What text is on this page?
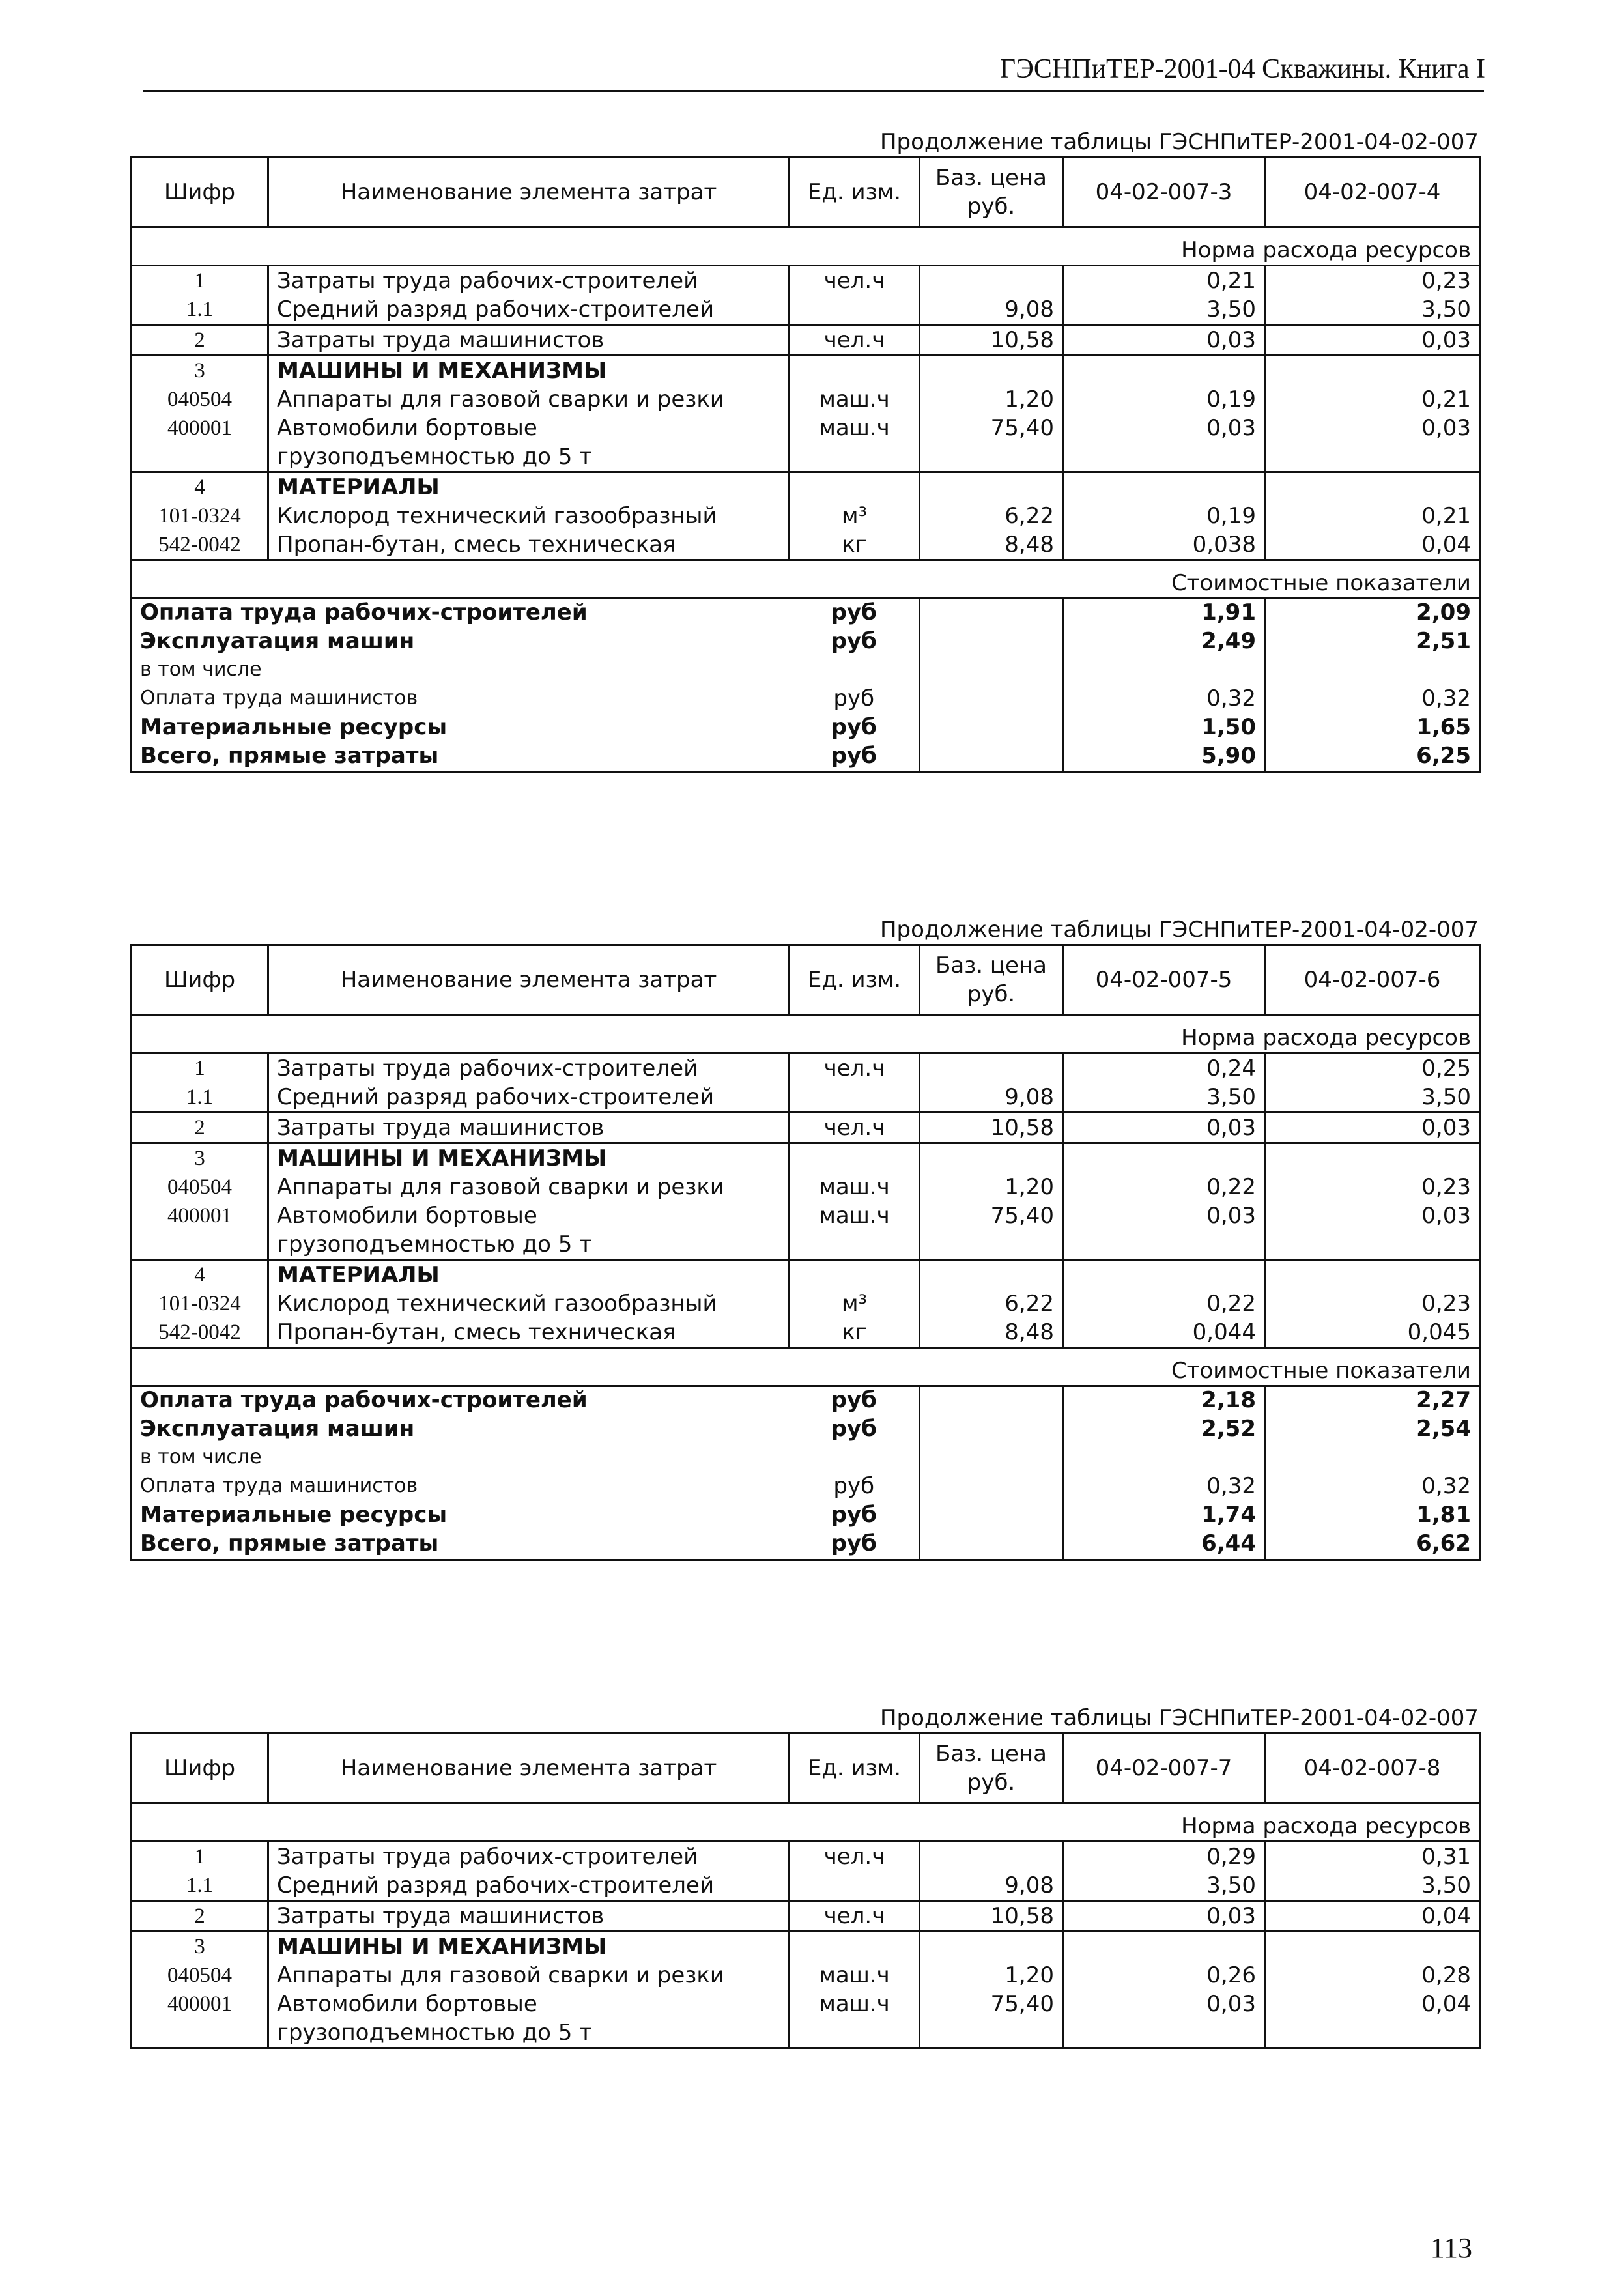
ГЭСНПиТЕР-2001-04 Скважины. Книга I
Продолжение таблицы ГЭСНПиТЕР-2001-04-02-007
Шифр	Наименование элемента затрат	Ед. изм.	Баз. цена руб.	04-02-007-3	04-02-007-4
Норма расхода ресурсов					
1	Затраты труда рабочих-строителей	чел.ч		0,21	0,23
1.1	Средний разряд рабочих-строителей		9,08	3,50	3,50
2	Затраты труда машинистов	чел.ч	10,58	0,03	0,03
3	МАШИНЫ И МЕХАНИЗМЫ				
040504	Аппараты для газовой сварки и резки	маш.ч	1,20	0,19	0,21
400001	Автомобили бортовые грузоподъемностью до 5 т	маш.ч	75,40	0,03	0,03
4	МАТЕРИАЛЫ				
101-0324	Кислород технический газообразный	м³	6,22	0,19	0,21
542-0042	Пропан-бутан, смесь техническая	кг	8,48	0,038	0,04
Стоимостные показатели					
Оплата труда рабочих-строителей		руб		1,91	2,09
Эксплуатация машин		руб		2,49	2,51
в том числе					
Оплата труда машинистов		руб		0,32	0,32
Материальные ресурсы		руб		1,50	1,65
Всего, прямые затраты		руб		5,90	6,25
Продолжение таблицы ГЭСНПиТЕР-2001-04-02-007
Шифр	Наименование элемента затрат	Ед. изм.	Баз. цена руб.	04-02-007-5	04-02-007-6
Норма расхода ресурсов					
1	Затраты труда рабочих-строителей	чел.ч		0,24	0,25
1.1	Средний разряд рабочих-строителей		9,08	3,50	3,50
2	Затраты труда машинистов	чел.ч	10,58	0,03	0,03
3	МАШИНЫ И МЕХАНИЗМЫ				
040504	Аппараты для газовой сварки и резки	маш.ч	1,20	0,22	0,23
400001	Автомобили бортовые грузоподъемностью до 5 т	маш.ч	75,40	0,03	0,03
4	МАТЕРИАЛЫ				
101-0324	Кислород технический газообразный	м³	6,22	0,22	0,23
542-0042	Пропан-бутан, смесь техническая	кг	8,48	0,044	0,045
Стоимостные показатели					
Оплата труда рабочих-строителей		руб		2,18	2,27
Эксплуатация машин		руб		2,52	2,54
в том числе					
Оплата труда машинистов		руб		0,32	0,32
Материальные ресурсы		руб		1,74	1,81
Всего, прямые затраты		руб		6,44	6,62
Продолжение таблицы ГЭСНПиТЕР-2001-04-02-007
Шифр	Наименование элемента затрат	Ед. изм.	Баз. цена руб.	04-02-007-7	04-02-007-8
Норма расхода ресурсов					
1	Затраты труда рабочих-строителей	чел.ч		0,29	0,31
1.1	Средний разряд рабочих-строителей		9,08	3,50	3,50
2	Затраты труда машинистов	чел.ч	10,58	0,03	0,04
3	МАШИНЫ И МЕХАНИЗМЫ				
040504	Аппараты для газовой сварки и резки	маш.ч	1,20	0,26	0,28
400001	Автомобили бортовые грузоподъемностью до 5 т	маш.ч	75,40	0,03	0,04
113
